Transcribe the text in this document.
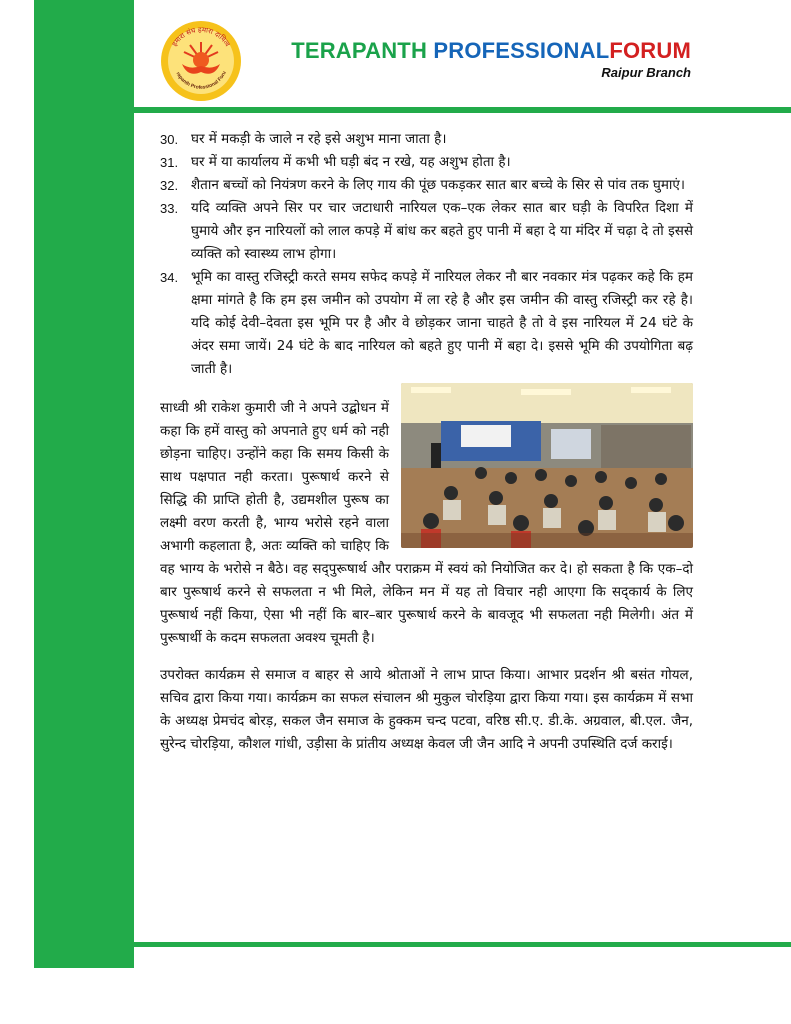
हमारा संघ हमारा दायित्व
rapanth Professional Foru
TERAPANTH PROFESSIONALFORUM
Raipur Branch
30. घर में मकड़ी के जाले न रहे इसे अशुभ माना जाता है।
31. घर में या कार्यालय में कभी भी घड़ी बंद न रखे, यह अशुभ होता है।
32. शैतान बच्चों को नियंत्रण करने के लिए गाय की पूंछ पकड़कर सात बार बच्चे के सिर से पांव तक घुमाएं।
33. यदि व्यक्ति अपने सिर पर चार जटाधारी नारियल एक–एक लेकर सात बार घड़ी के विपरित दिशा में घुमाये और इन नारियलों को लाल कपड़े में बांध कर बहते हुए पानी में बहा दे या मंदिर में चढ़ा दे तो इससे व्यक्ति को स्वास्थ्य लाभ होगा।
34. भूमि का वास्तु रजिस्ट्री करते समय सफेद कपड़े में नारियल लेकर नौ बार नवकार मंत्र पढ़कर कहे कि हम क्षमा मांगते है कि हम इस जमीन को उपयोग में ला रहे है और इस जमीन की वास्तु रजिस्ट्री कर रहे है। यदि कोई देवी–देवता इस भूमि पर है और वे छोड़कर जाना चाहते है तो वे इस नारियल में 24 घंटे के अंदर समा जायें। 24 घंटे के बाद नारियल को बहते हुए पानी में बहा दे। इससे भूमि की उपयोगिता बढ़ जाती है।

साध्वी श्री राकेश कुमारी जी ने अपने उद्बोधन में कहा कि हमें वास्तु को अपनाते हुए धर्म को नही छोड़ना चाहिए। उन्होंने कहा कि समय किसी के साथ पक्षपात नही करता। पुरूषार्थ करने से सिद्धि की प्राप्ति होती है, उद्यमशील पुरूष का लक्ष्मी वरण करती है, भाग्य भरोसे रहने वाला अभागी कहलाता है, अतः व्यक्ति को चाहिए कि वह भाग्य के भरोसे न बैठे। वह सद्पुरूषार्थ और पराक्रम में स्वयं को नियोजित कर दे। हो सकता है कि एक–दो बार पुरूषार्थ करने से सफलता न भी मिले, लेकिन मन में यह तो विचार नही आएगा कि सद्कार्य के लिए पुरूषार्थ नहीं किया, ऐसा भी नहीं कि बार–बार पुरूषार्थ करने के बावजूद भी सफलता नही मिलेगी। अंत में पुरूषार्थी के कदम सफलता अवश्य चूमती है।

उपरोक्त कार्यक्रम से समाज व बाहर से आये श्रोताओं ने लाभ प्राप्त किया। आभार प्रदर्शन श्री बसंत गोयल, सचिव द्वारा किया गया। कार्यक्रम का सफल संचालन श्री मुकुल चोरड़िया द्वारा किया गया। इस कार्यक्रम में सभा के अध्यक्ष प्रेमचंद बोरड़, सकल जैन समाज के हुक्कम चन्द पटवा, वरिष्ठ सी.ए. डी.के. अग्रवाल, बी.एल. जैन, सुरेन्द चोरड़िया, कौशल गांधी, उड़ीसा के प्रांतीय अध्यक्ष केवल जी जैन आदि ने अपनी उपस्थिति दर्ज कराई।
